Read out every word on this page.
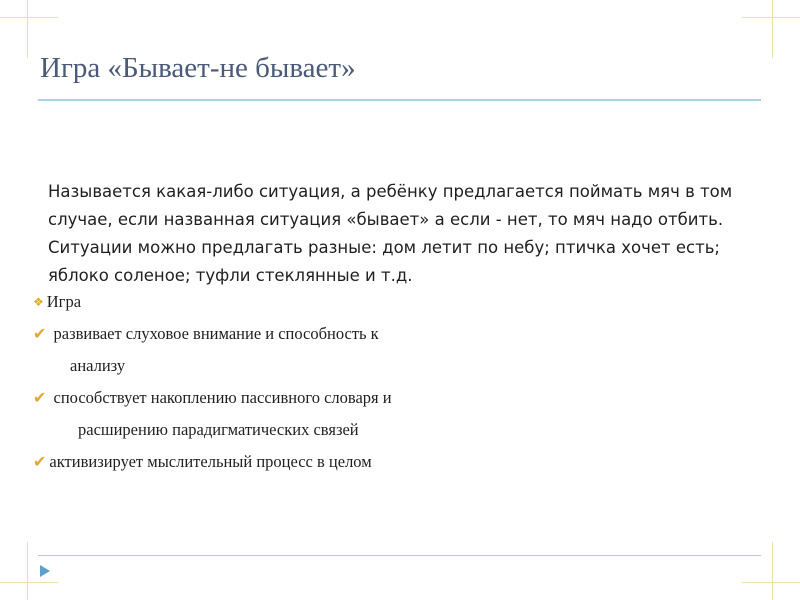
Игра «Бывает-не бывает»
Называется какая-либо ситуация, а ребёнку предлагается поймать мяч в том случае, если названная ситуация «бывает» а если - нет, то мяч надо отбить. Ситуации можно предлагать разные: дом летит по небу; птичка хочет есть; яблоко соленое; туфли стеклянные и т.д.
❖ Игра
✔ развивает слуховое внимание и способность к
анализу
✔ способствует накоплению пассивного словаря и
расширению парадигматических связей
✔ активизирует мыслительный процесс в целом
